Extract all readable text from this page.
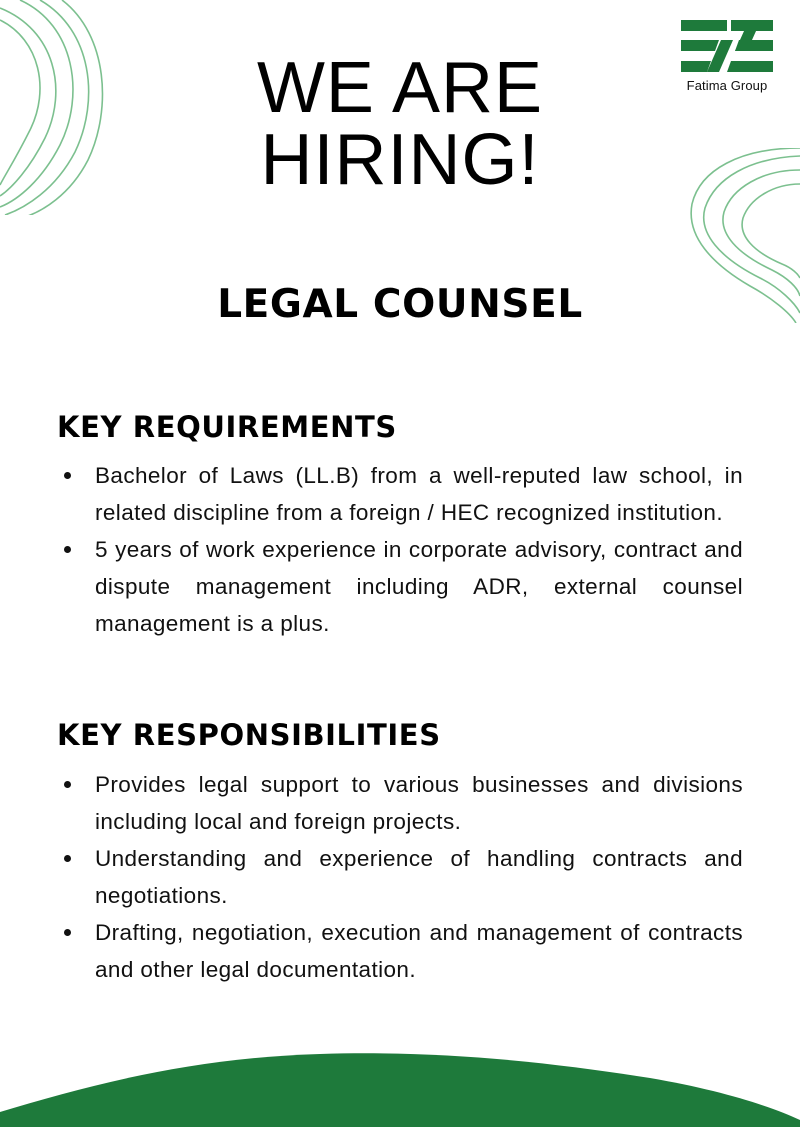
Fatima Group
WE ARE
HIRING!
LEGAL COUNSEL
KEY REQUIREMENTS
Bachelor of Laws (LL.B) from a well-reputed law school, in related discipline from a foreign / HEC recognized institution.
5 years of work experience in corporate advisory, contract and dispute management including ADR, external counsel management is a plus.
KEY RESPONSIBILITIES
Provides legal support to various businesses and divisions including local and foreign projects.
Understanding and experience of handling contracts and negotiations.
Drafting, negotiation, execution and management of contracts and other legal documentation.
